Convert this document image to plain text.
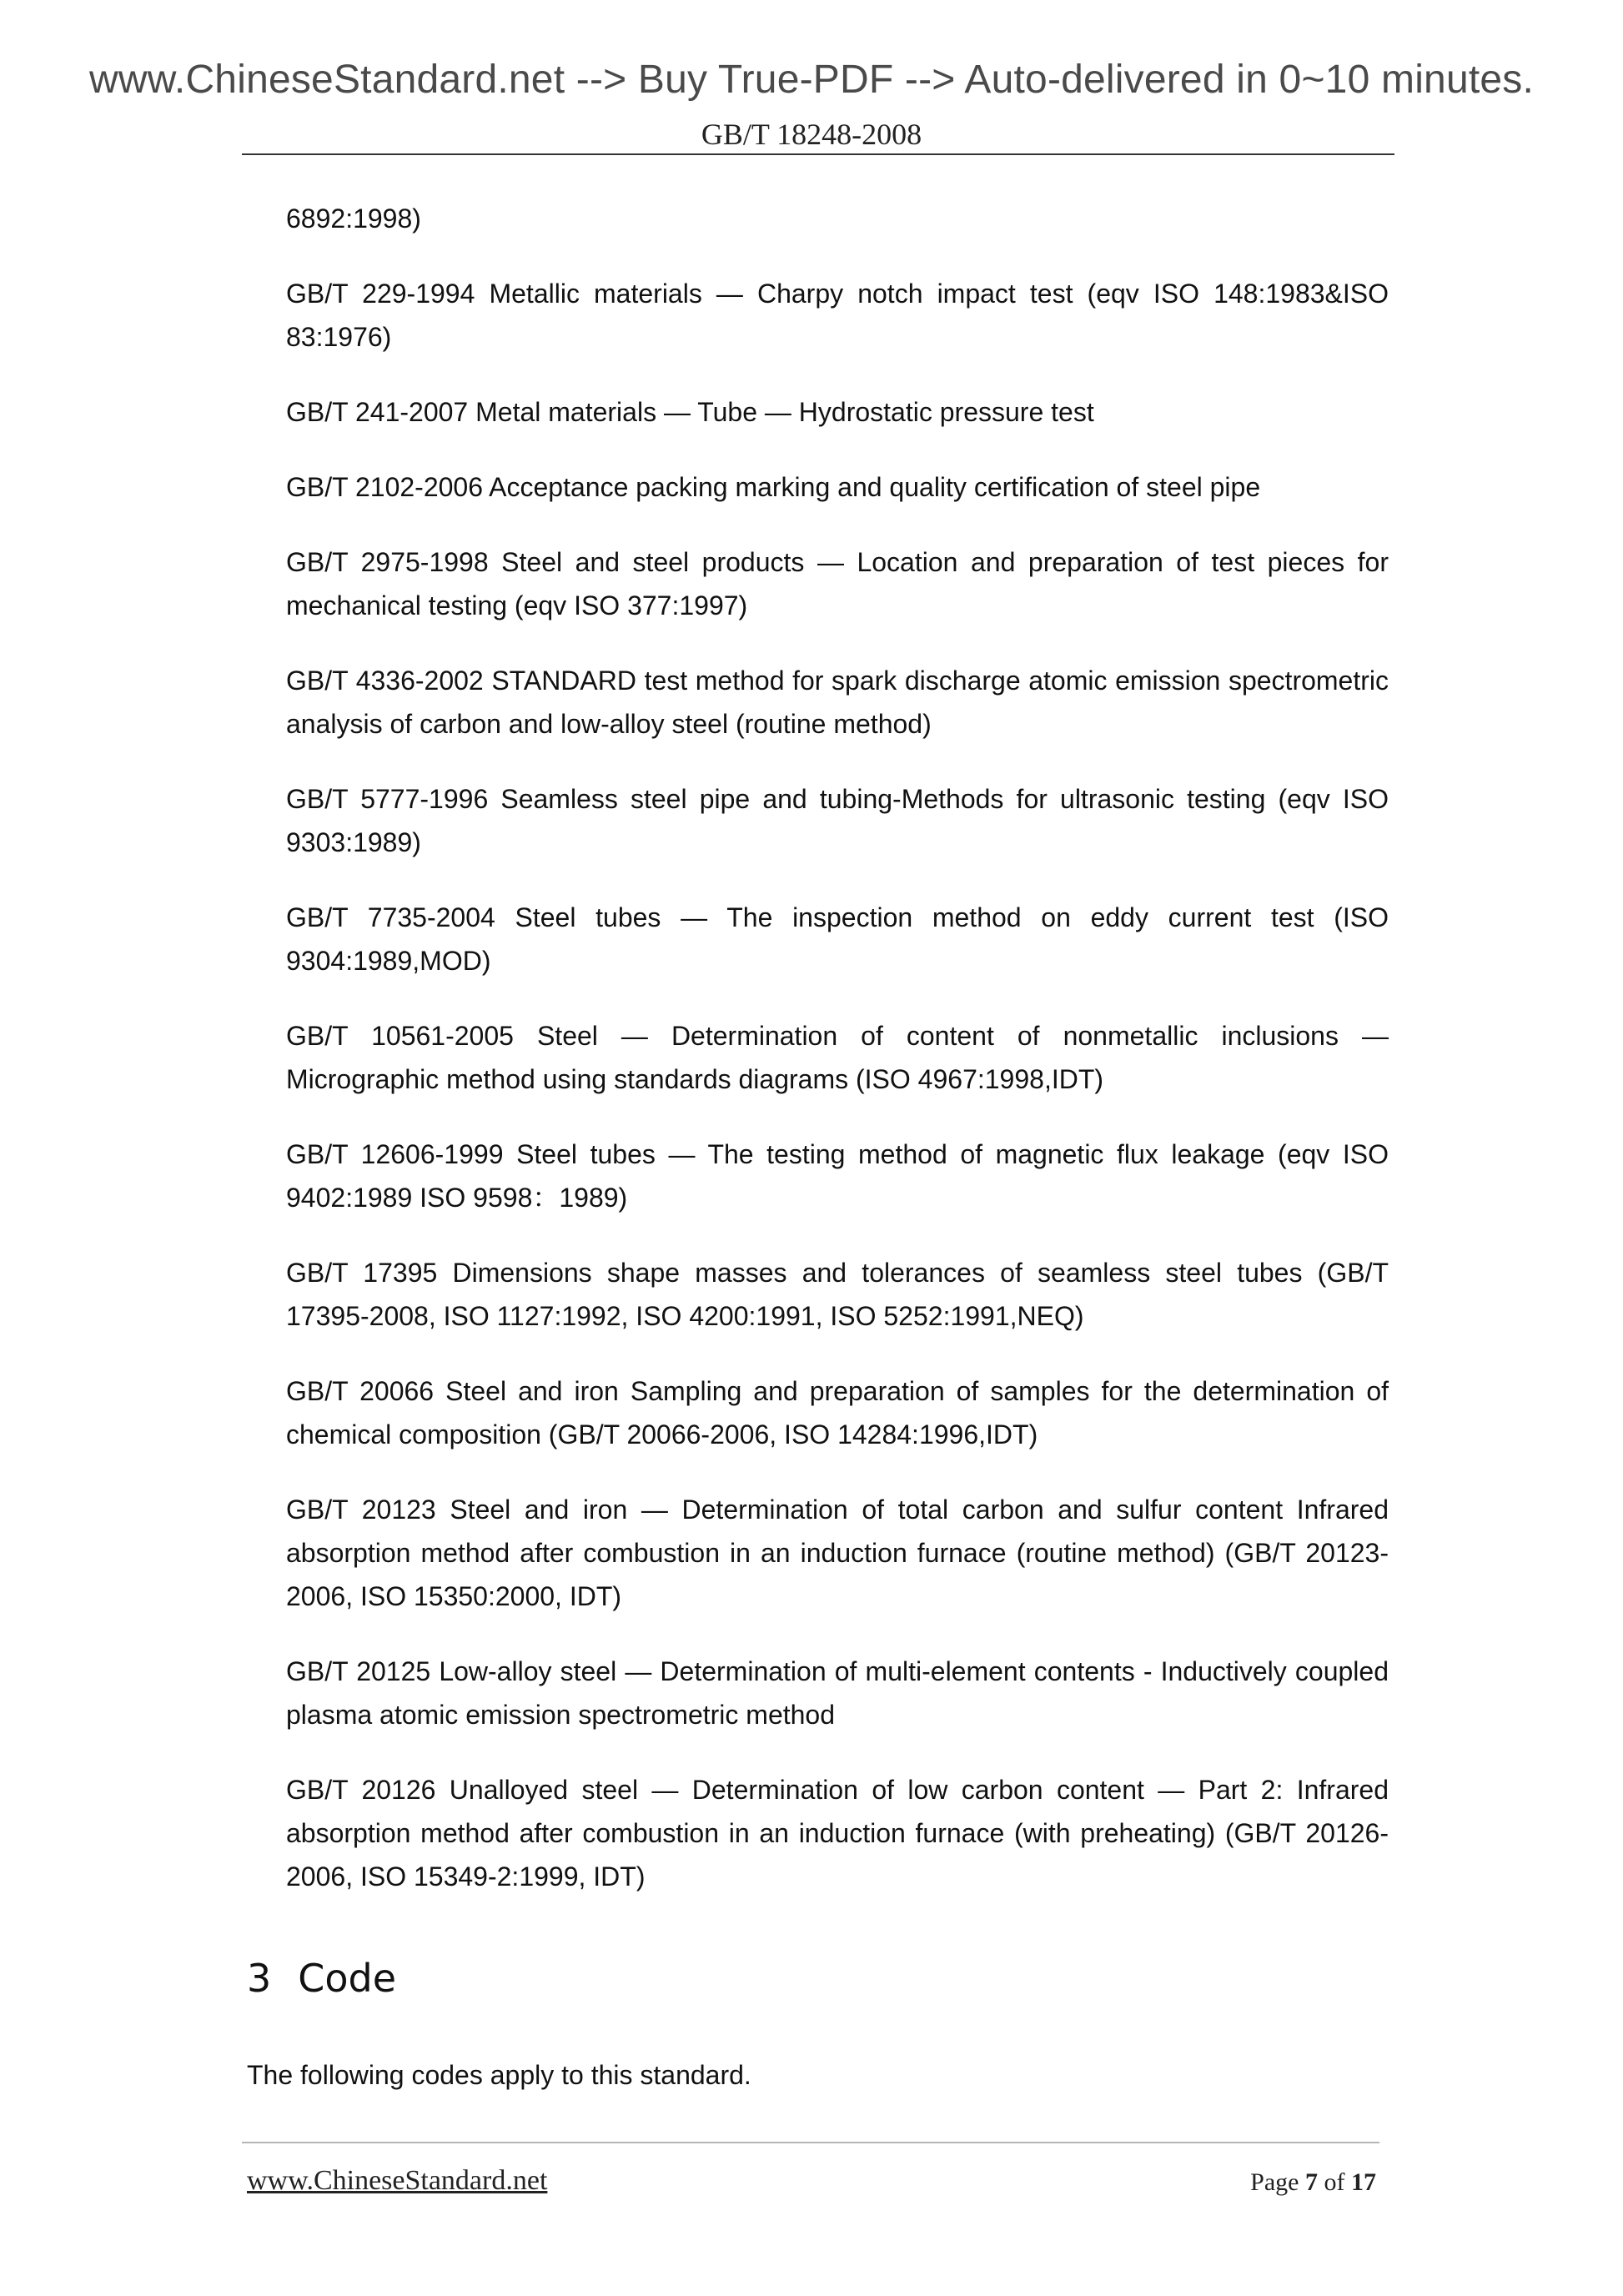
www.ChineseStandard.net --> Buy True-PDF --> Auto-delivered in 0~10 minutes.
GB/T 18248-2008

6892:1998)

GB/T 229-1994 Metallic materials — Charpy notch impact test (eqv ISO 148:1983&ISO 83:1976)

GB/T 241-2007 Metal materials — Tube — Hydrostatic pressure test

GB/T 2102-2006 Acceptance packing marking and quality certification of steel pipe

GB/T 2975-1998 Steel and steel products — Location and preparation of test pieces for mechanical testing (eqv ISO 377:1997)

GB/T 4336-2002 STANDARD test method for spark discharge atomic emission spectrometric analysis of carbon and low-alloy steel (routine method)

GB/T 5777-1996 Seamless steel pipe and tubing-Methods for ultrasonic testing (eqv ISO 9303:1989)

GB/T 7735-2004 Steel tubes — The inspection method on eddy current test (ISO 9304:1989,MOD)

GB/T 10561-2005 Steel — Determination of content of nonmetallic inclusions — Micrographic method using standards diagrams (ISO 4967:1998,IDT)

GB/T 12606-1999 Steel tubes — The testing method of magnetic flux leakage (eqv ISO 9402:1989 ISO 9598：1989)

GB/T 17395 Dimensions shape masses and tolerances of seamless steel tubes (GB/T 17395-2008, ISO 1127:1992, ISO 4200:1991, ISO 5252:1991,NEQ)

GB/T 20066 Steel and iron Sampling and preparation of samples for the determination of chemical composition (GB/T 20066-2006, ISO 14284:1996,IDT)

GB/T 20123 Steel and iron — Determination of total carbon and sulfur content Infrared absorption method after combustion in an induction furnace (routine method) (GB/T 20123-2006, ISO 15350:2000, IDT)

GB/T 20125 Low-alloy steel — Determination of multi-element contents - Inductively coupled plasma atomic emission spectrometric method

GB/T 20126 Unalloyed steel — Determination of low carbon content — Part 2: Infrared absorption method after combustion in an induction furnace (with preheating) (GB/T 20126-2006, ISO 15349-2:1999, IDT)

3 Code
The following codes apply to this standard.
www.ChineseStandard.net	Page 7 of 17
